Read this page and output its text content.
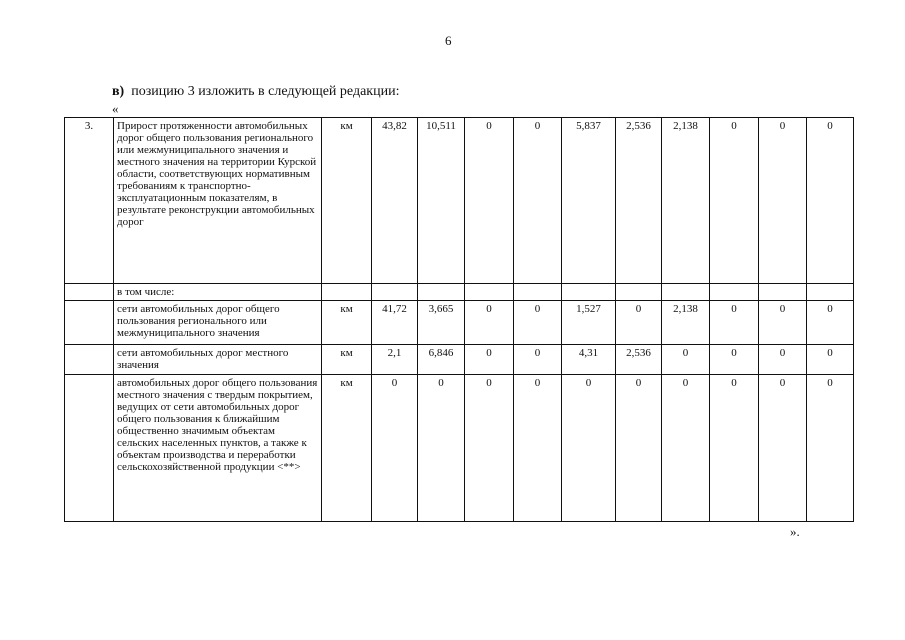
6
в) позицию 3 изложить в следующей редакции:
«
3.	Прирост протяженности автомобильных дорог общего пользования регионального или межмуниципального значения и местного значения на территории Курской области, соответствующих нормативным требованиям к транспортно-эксплуатационным показателям, в результате реконструкции автомобильных дорог	км	43,82	10,511	0	0	5,837	2,536	2,138	0	0	0
	в том числе:											
	сети автомобильных дорог общего пользования регионального или межмуниципального значения	км	41,72	3,665	0	0	1,527	0	2,138	0	0	0
	сети автомобильных дорог местного значения	км	2,1	6,846	0	0	4,31	2,536	0	0	0	0
	автомобильных дорог общего пользования местного значения с твердым покрытием, ведущих от сети автомобильных дорог общего пользования к ближайшим общественно значимым объектам сельских населенных пунктов, а также к объектам производства и переработки сельскохозяйственной продукции <**>	км	0	0	0	0	0	0	0	0	0	0
».
